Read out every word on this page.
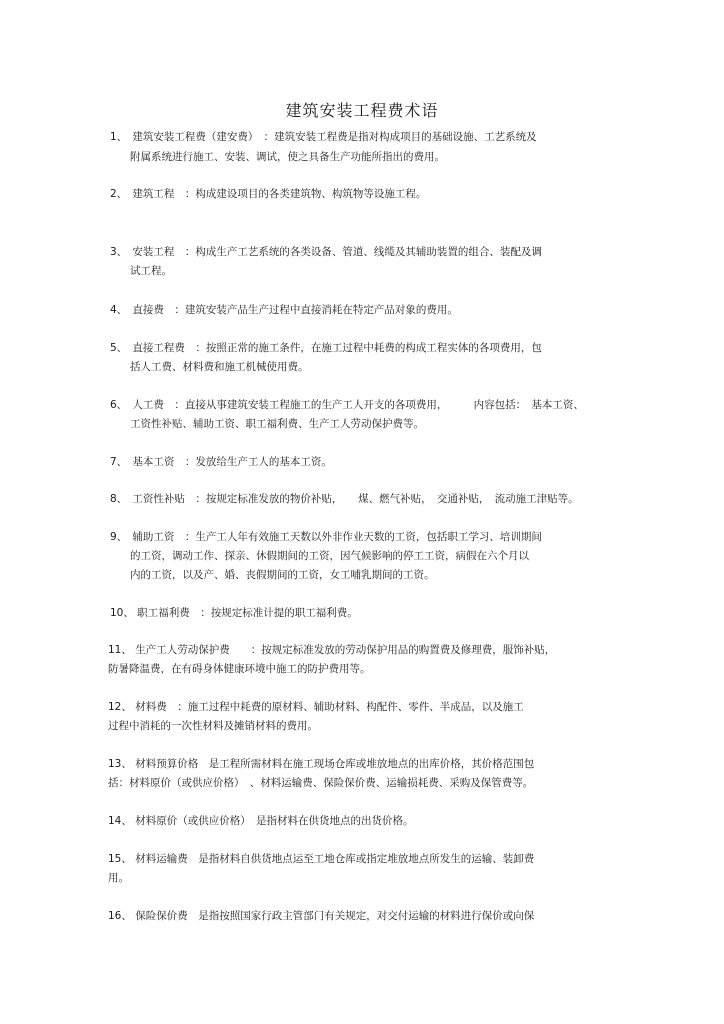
建筑安装工程费术语
1、　建筑安装工程费（建安费）　：建筑安装工程费是指对构成项目的基础设施、工艺系统及
附属系统进行施工、安装、调试，使之具备生产功能所指出的费用。
2、　建筑工程　：构成建设项目的各类建筑物、构筑物等设施工程。
3、　安装工程　：构成生产工艺系统的各类设备、管道、线缆及其辅助装置的组合、装配及调
试工程。
4、　直接费　：建筑安装产品生产过程中直接消耗在特定产品对象的费用。
5、　直接工程费　：按照正常的施工条件，在施工过程中耗费的构成工程实体的各项费用，包
括人工费、材料费和施工机械使用费。
6、　人工费　：直接从事建筑安装工程施工的生产工人开支的各项费用，　　　内容包括：　基本工资、
工资性补贴、辅助工资、职工福利费、生产工人劳动保护费等。
7、　基本工资　：发放给生产工人的基本工资。
8、　工资性补贴　：按规定标准发放的物价补贴，　　煤、燃气补贴，　交通补贴，　流动施工津贴等。
9、　辅助工资　：生产工人年有效施工天数以外非作业天数的工资，包括职工学习、培训期间
的工资，调动工作、探亲、休假期间的工资，因气候影响的停工工资，病假在六个月以
内的工资，以及产、婚、丧假期间的工资，女工哺乳期间的工资。
10、 职工福利费　：按规定标准计提的职工福利费。
11、 生产工人劳动保护费　　：按规定标准发放的劳动保护用品的购置费及修理费，服饰补贴，
防暑降温费，在有碍身体健康环境中施工的防护费用等。
12、 材料费　：施工过程中耗费的原材料、辅助材料、构配件、零件、半成品，以及施工
过程中消耗的一次性材料及摊销材料的费用。
13、 材料预算价格　是工程所需材料在施工现场仓库或堆放地点的出库价格，其价格范围包
括：材料原价（或供应价格）　、材料运输费、保险保价费、运输损耗费、采购及保管费等。
14、 材料原价（或供应价格）　是指材料在供货地点的出货价格。
15、 材料运输费　是指材料自供货地点运至工地仓库或指定堆放地点所发生的运输、装卸费
用。
16、 保险保价费　是指按照国家行政主管部门有关规定，对交付运输的材料进行保价或向保
